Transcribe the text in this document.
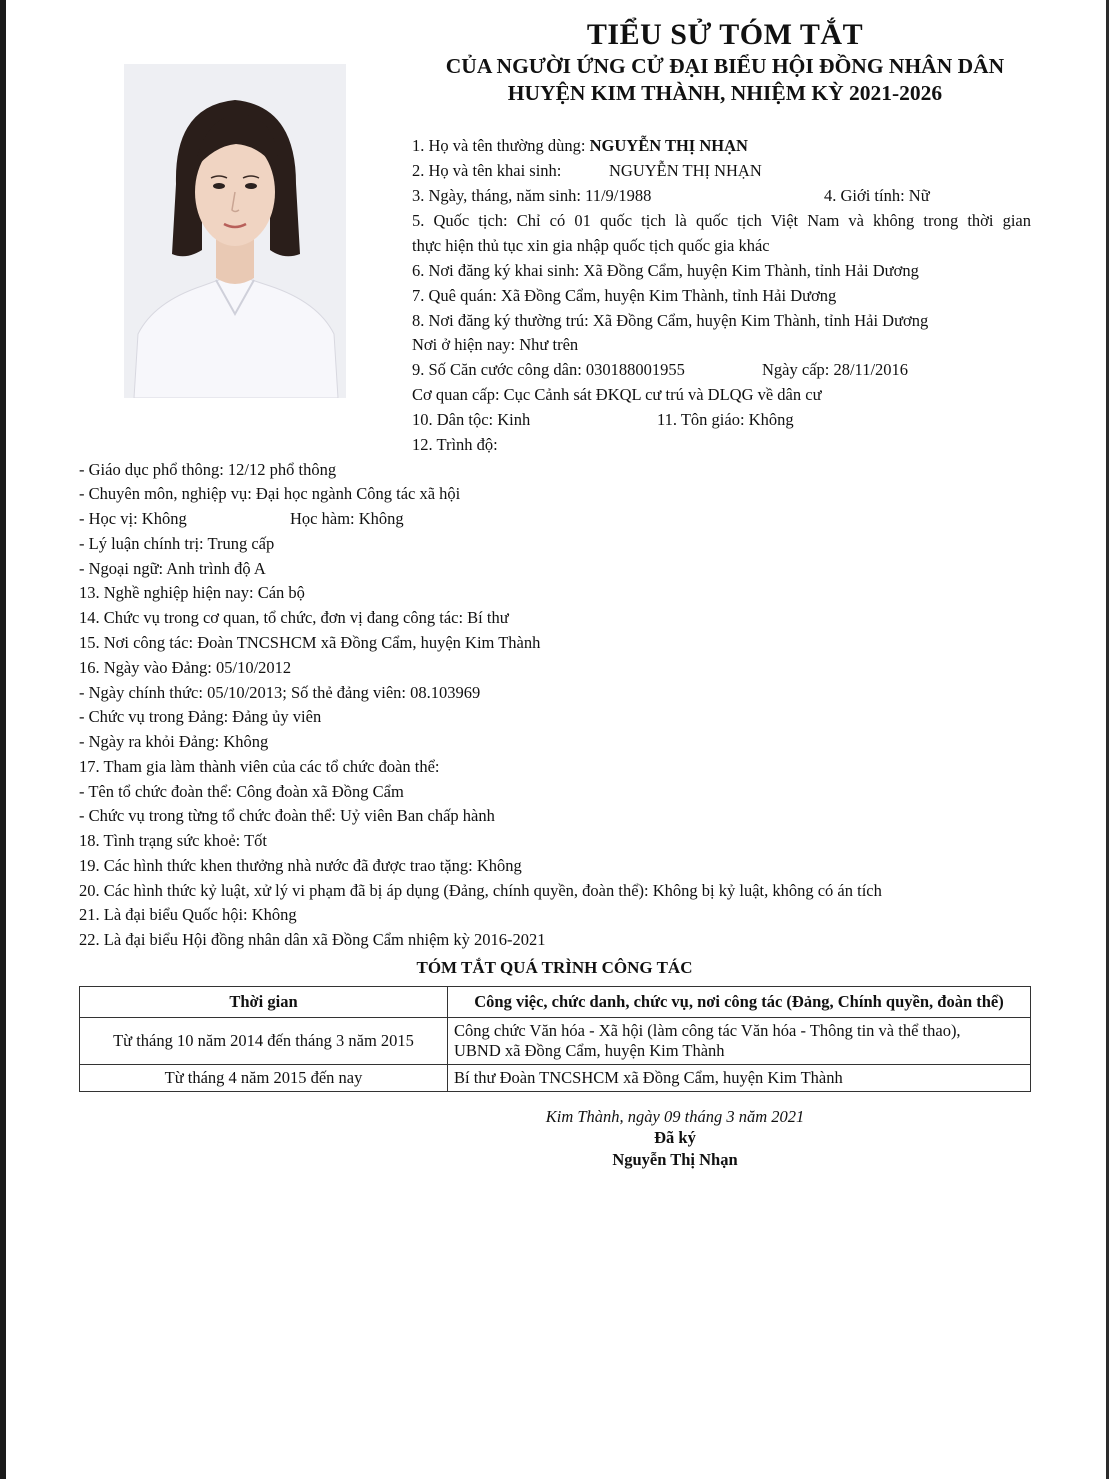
TIỂU SỬ TÓM TẮT
CỦA NGƯỜI ỨNG CỬ ĐẠI BIỂU HỘI ĐỒNG NHÂN DÂN
HUYỆN KIM THÀNH, NHIỆM KỲ 2021-2026
1. Họ và tên thường dùng: NGUYỄN THỊ NHẠN
2. Họ và tên khai sinh:	NGUYỄN THỊ NHẠN
3. Ngày, tháng, năm sinh: 11/9/1988	4. Giới tính: Nữ
5. Quốc tịch: Chỉ có 01 quốc tịch là quốc tịch Việt Nam và không trong thời gian
thực hiện thủ tục xin gia nhập quốc tịch quốc gia khác
6. Nơi đăng ký khai sinh: Xã Đồng Cẩm, huyện Kim Thành, tỉnh Hải Dương
7. Quê quán: Xã Đồng Cẩm, huyện Kim Thành, tỉnh Hải Dương
8. Nơi đăng ký thường trú: Xã Đồng Cẩm, huyện Kim Thành, tỉnh Hải Dương
Nơi ở hiện nay: Như trên
9. Số Căn cước công dân: 030188001955	Ngày cấp: 28/11/2016
Cơ quan cấp: Cục Cảnh sát ĐKQL cư trú và DLQG về dân cư
10. Dân tộc: Kinh	11. Tôn giáo: Không
12. Trình độ:
- Giáo dục phổ thông: 12/12 phổ thông
- Chuyên môn, nghiệp vụ: Đại học ngành Công tác xã hội
- Học vị: Không	Học hàm: Không
- Lý luận chính trị: Trung cấp
- Ngoại ngữ: Anh trình độ A
13. Nghề nghiệp hiện nay: Cán bộ
14. Chức vụ trong cơ quan, tổ chức, đơn vị đang công tác: Bí thư
15. Nơi công tác: Đoàn TNCSHCM xã Đồng Cẩm, huyện Kim Thành
16. Ngày vào Đảng: 05/10/2012
- Ngày chính thức: 05/10/2013; Số thẻ đảng viên: 08.103969
- Chức vụ trong Đảng: Đảng ủy viên
- Ngày ra khỏi Đảng: Không
17. Tham gia làm thành viên của các tổ chức đoàn thể:
- Tên tổ chức đoàn thể: Công đoàn xã Đồng Cẩm
- Chức vụ trong từng tổ chức đoàn thể: Uỷ viên Ban chấp hành
18. Tình trạng sức khoẻ: Tốt
19. Các hình thức khen thưởng nhà nước đã được trao tặng: Không
20. Các hình thức kỷ luật, xử lý vi phạm đã bị áp dụng (Đảng, chính quyền, đoàn thể): Không bị kỷ luật, không có án tích
21. Là đại biểu Quốc hội: Không
22. Là đại biểu Hội đồng nhân dân xã Đồng Cẩm nhiệm kỳ 2016-2021
TÓM TẮT QUÁ TRÌNH CÔNG TÁC
Thời gian	Công việc, chức danh, chức vụ, nơi công tác (Đảng, Chính quyền, đoàn thể)
Từ tháng 10 năm 2014 đến tháng 3 năm 2015	Công chức Văn hóa - Xã hội (làm công tác Văn hóa - Thông tin và thể thao),
UBND xã Đồng Cẩm, huyện Kim Thành

Từ tháng 4 năm 2015 đến nay	Bí thư Đoàn TNCSHCM xã Đồng Cẩm, huyện Kim Thành
Kim Thành, ngày 09 tháng 3 năm 2021
Đã ký
Nguyễn Thị Nhạn
